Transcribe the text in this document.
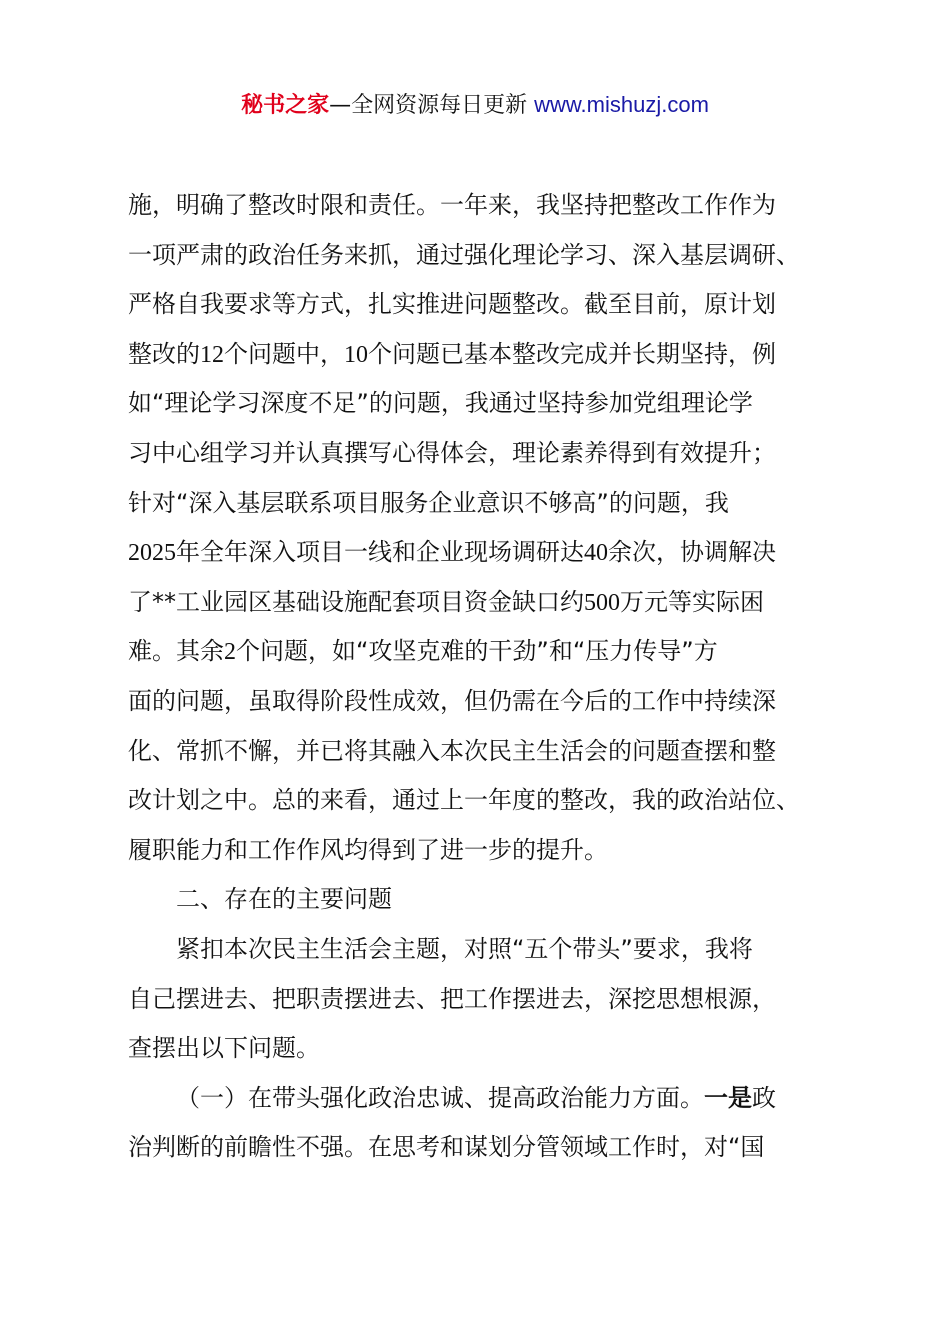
秘书之家—全网资源每日更新 www.mishuzj.com
施，明确了整改时限和责任。一年来，我坚持把整改工作作为
一项严肃的政治任务来抓，通过强化理论学习、深入基层调研、
严格自我要求等方式，扎实推进问题整改。截至目前，原计划
整改的12个问题中，10个问题已基本整改完成并长期坚持，例
如“理论学习深度不足”的问题，我通过坚持参加党组理论学
习中心组学习并认真撰写心得体会，理论素养得到有效提升；
针对“深入基层联系项目服务企业意识不够高”的问题，我
2025年全年深入项目一线和企业现场调研达40余次，协调解决
了**工业园区基础设施配套项目资金缺口约500万元等实际困
难。其余2个问题，如“攻坚克难的干劲”和“压力传导”方
面的问题，虽取得阶段性成效，但仍需在今后的工作中持续深
化、常抓不懈，并已将其融入本次民主生活会的问题查摆和整
改计划之中。总的来看，通过上一年度的整改，我的政治站位、
履职能力和工作作风均得到了进一步的提升。
二、存在的主要问题
紧扣本次民主生活会主题，对照“五个带头”要求，我将
自己摆进去、把职责摆进去、把工作摆进去，深挖思想根源，
查摆出以下问题。
（一）在带头强化政治忠诚、提高政治能力方面。一是政
治判断的前瞻性不强。在思考和谋划分管领域工作时，对“国
